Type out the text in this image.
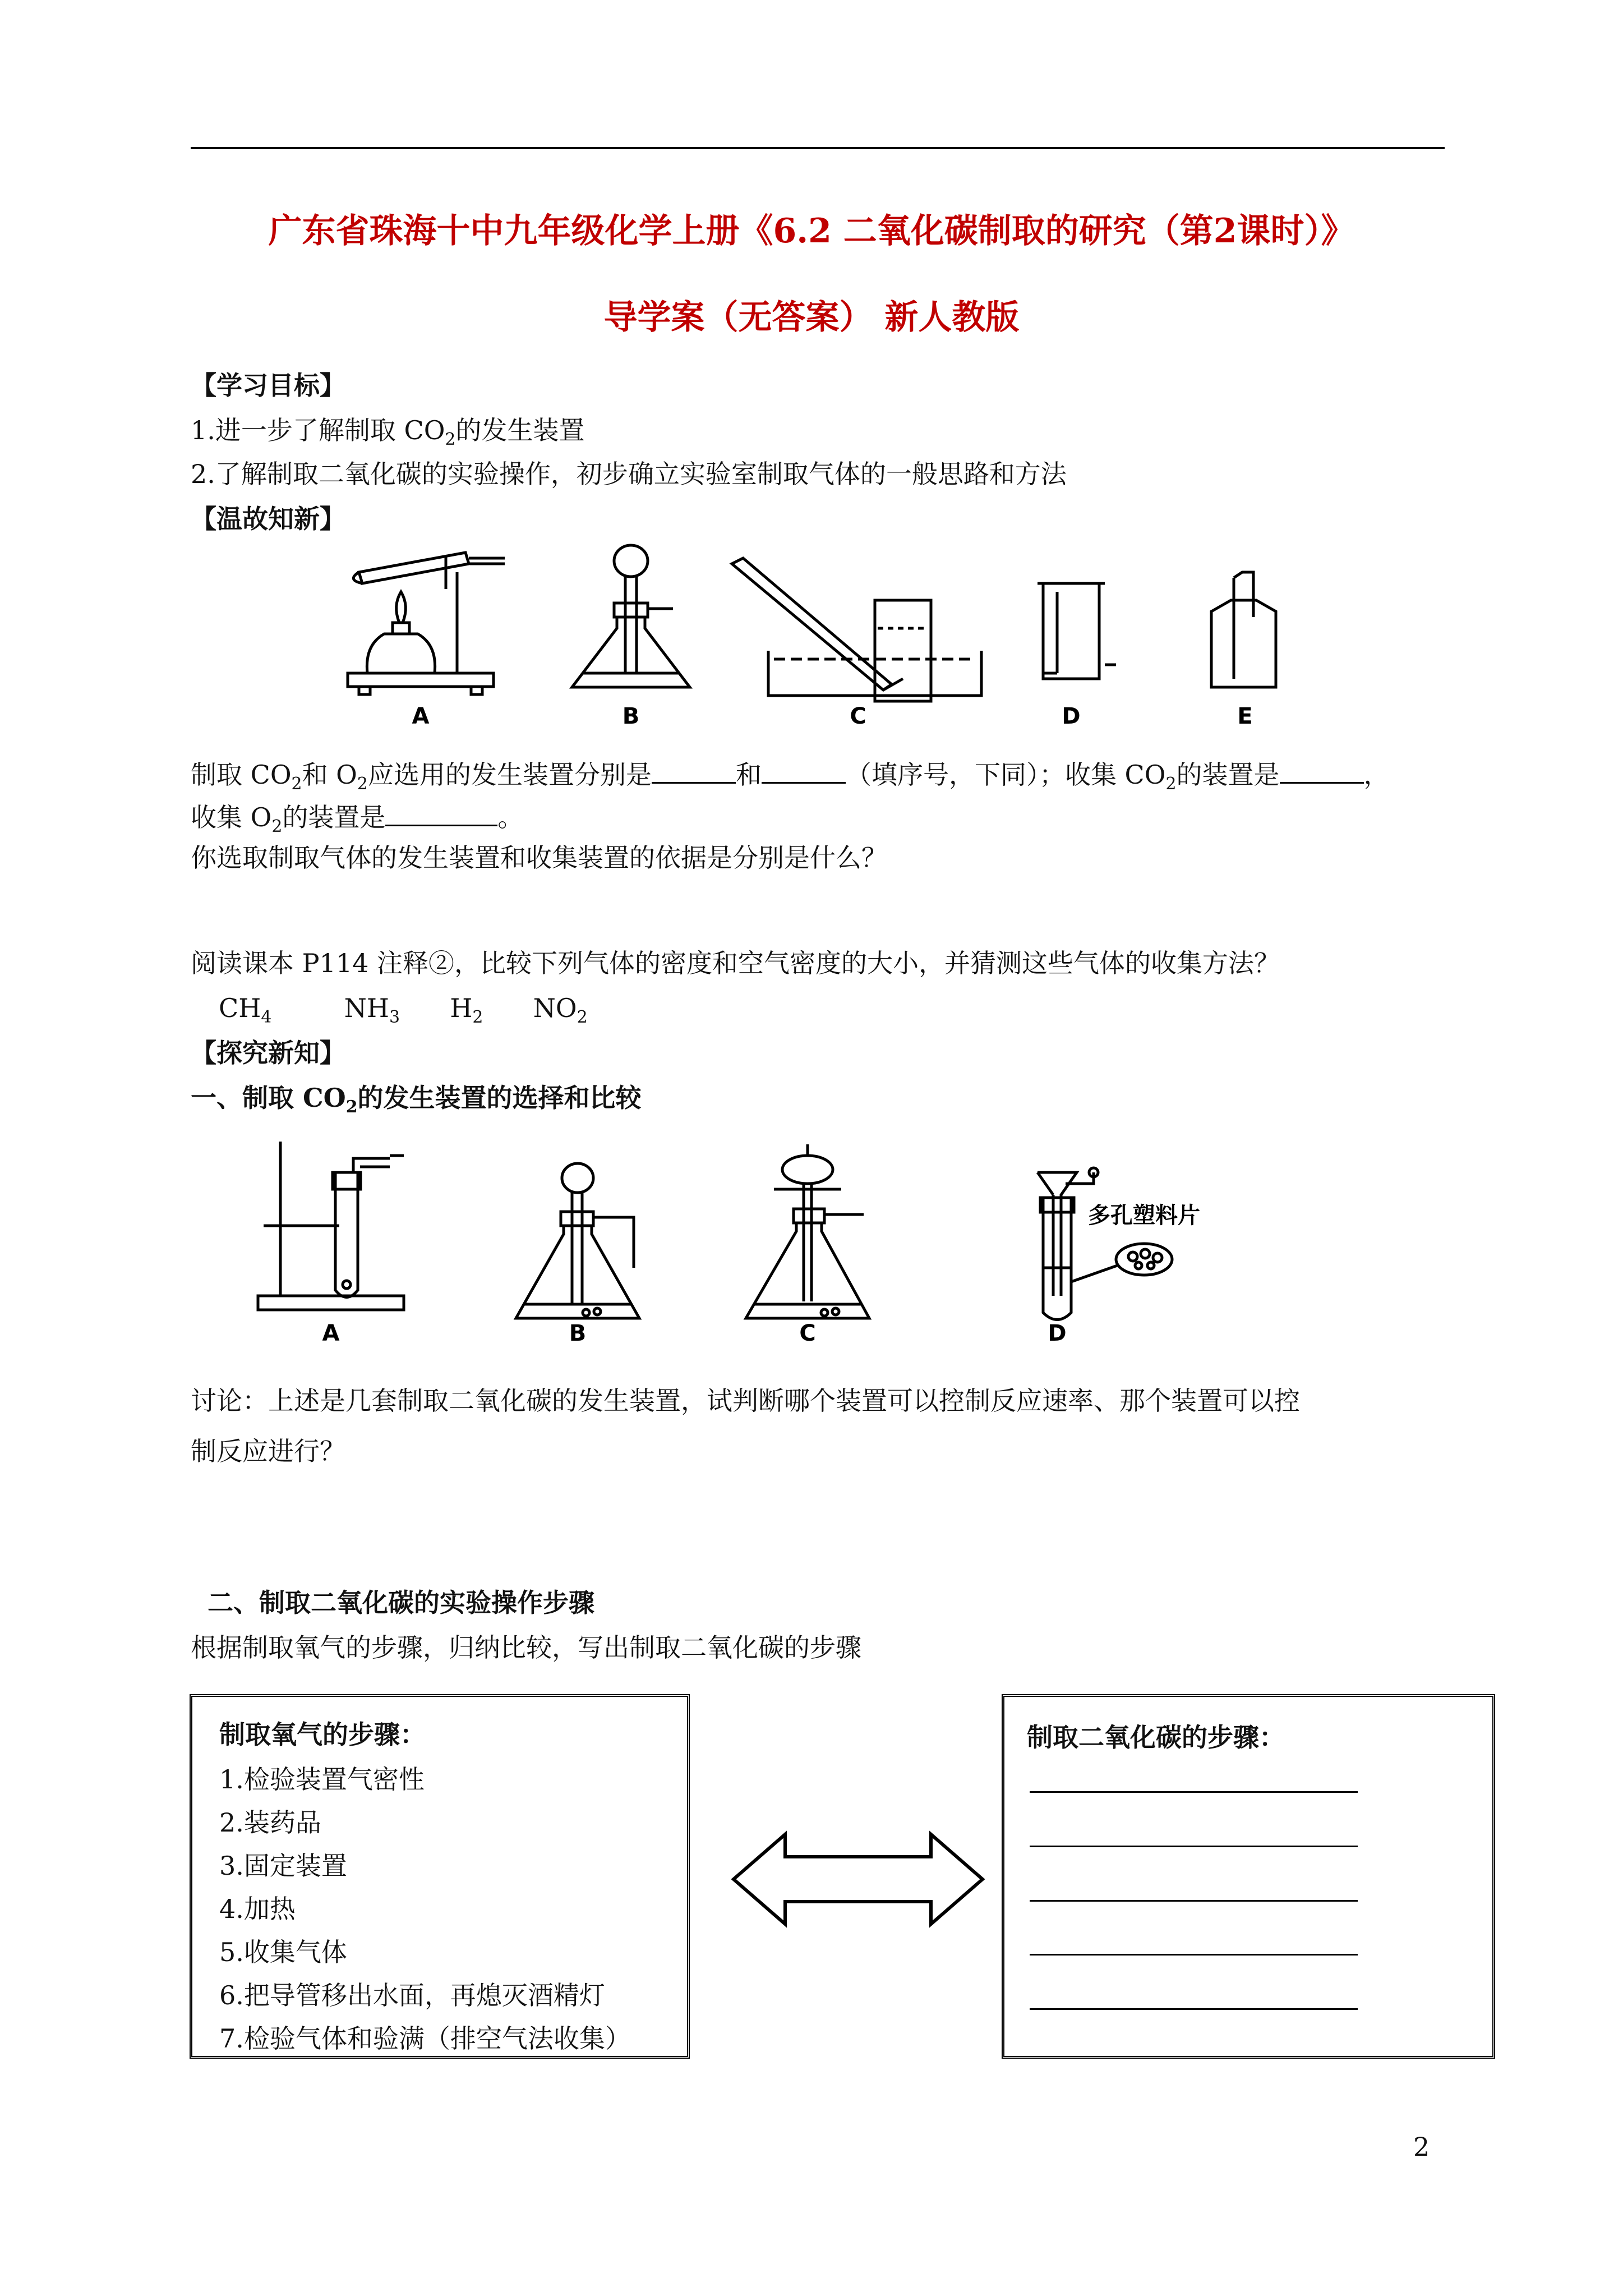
广东省珠海十中九年级化学上册《6.2 二氧化碳制取的研究（第2课时）》
导学案（无答案） 新人教版
【学习目标】
1.进一步了解制取 $CO_2$的发生装置
2.了解制取二氧化碳的实验操作，初步确立实验室制取气体的一般思路和方法
【温故知新】
A	B	C	D	E
制取 $CO_2$和 $O_2$应选用的发生装置分别是	和	（填序号，下同）；收集 $CO_2$的装置是	，
收集 $O_2$的装置是	。
你选取制取气体的发生装置和收集装置的依据是分别是什么？
阅读课本 P114 注释②，比较下列气体的密度和空气密度的大小，并猜测这些气体的收集方法？
$CH_4$	$NH_3$ $H_2$ $NO_2$
【探究新知】
一、制取 $CO_2$的发生装置的选择和比较
多孔塑料片
A	B	C	D
讨论：上述是几套制取二氧化碳的发生装置，试判断哪个装置可以控制反应速率、那个装置可以控
制反应进行？
二、制取二氧化碳的实验操作步骤
根据制取氧气的步骤，归纳比较，写出制取二氧化碳的步骤
制取氧气的步骤：
1.检验装置气密性
2.装药品
3.固定装置
4.加热
5.收集气体
6.把导管移出水面，再熄灭酒精灯
7.检验气体和验满（排空气法收集）
制取二氧化碳的步骤：
2
